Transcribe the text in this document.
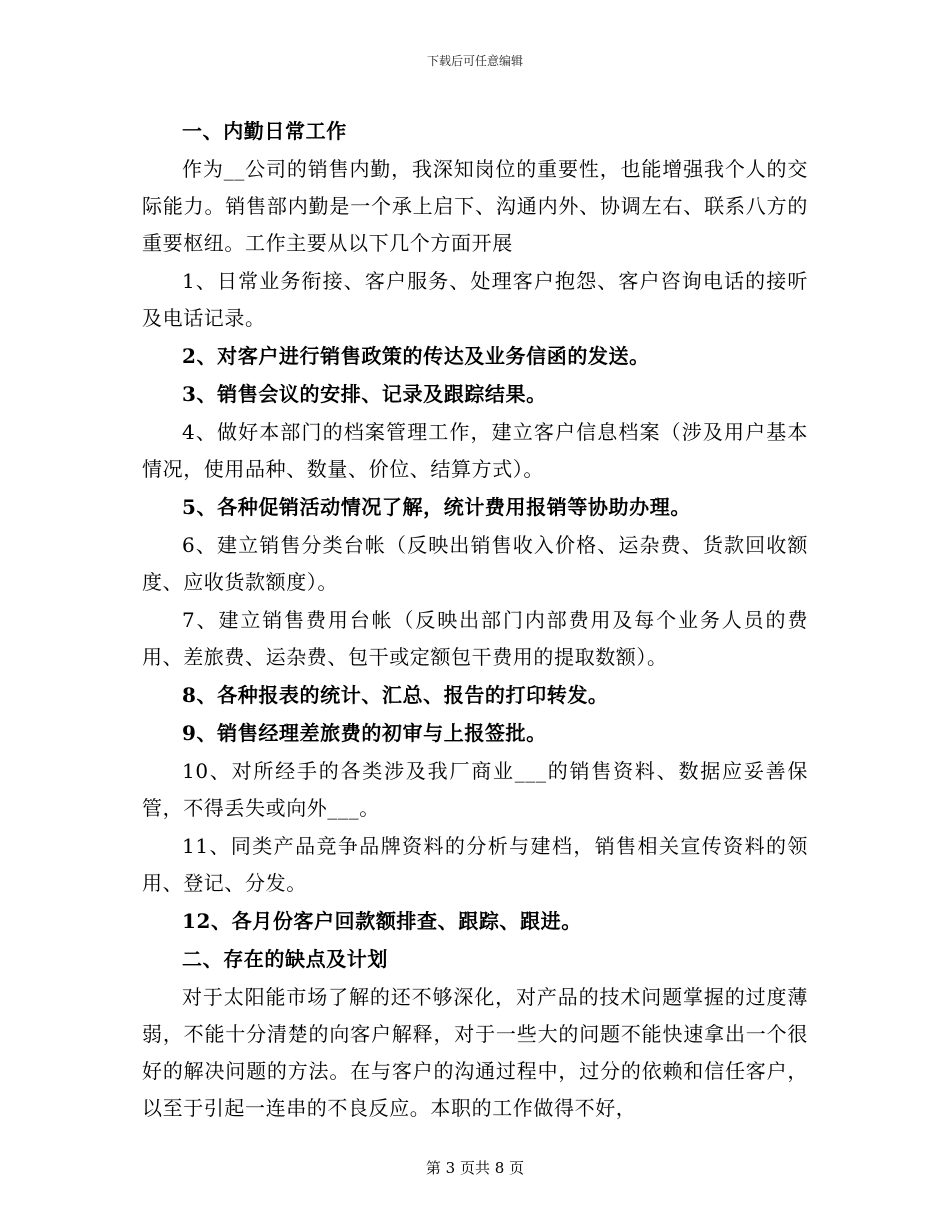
下载后可任意编辑

一、内勤日常工作

作为__公司的销售内勤，我深知岗位的重要性，也能增强我个人的交际能力。销售部内勤是一个承上启下、沟通内外、协调左右、联系八方的重要枢纽。工作主要从以下几个方面开展

1、日常业务衔接、客户服务、处理客户抱怨、客户咨询电话的接听及电话记录。

2、对客户进行销售政策的传达及业务信函的发送。

3、销售会议的安排、记录及跟踪结果。

4、做好本部门的档案管理工作，建立客户信息档案（涉及用户基本情况，使用品种、数量、价位、结算方式）。

5、各种促销活动情况了解，统计费用报销等协助办理。

6、建立销售分类台帐（反映出销售收入价格、运杂费、货款回收额度、应收货款额度）。

7、建立销售费用台帐（反映出部门内部费用及每个业务人员的费用、差旅费、运杂费、包干或定额包干费用的提取数额）。

8、各种报表的统计、汇总、报告的打印转发。

9、销售经理差旅费的初审与上报签批。

10、对所经手的各类涉及我厂商业___的销售资料、数据应妥善保管，不得丢失或向外___。

11、同类产品竞争品牌资料的分析与建档，销售相关宣传资料的领用、登记、分发。

12、各月份客户回款额排查、跟踪、跟进。

二、存在的缺点及计划

对于太阳能市场了解的还不够深化，对产品的技术问题掌握的过度薄弱，不能十分清楚的向客户解释，对于一些大的问题不能快速拿出一个很好的解决问题的方法。在与客户的沟通过程中，过分的依赖和信任客户，以至于引起一连串的不良反应。本职的工作做得不好，

第 3 页共 8 页
